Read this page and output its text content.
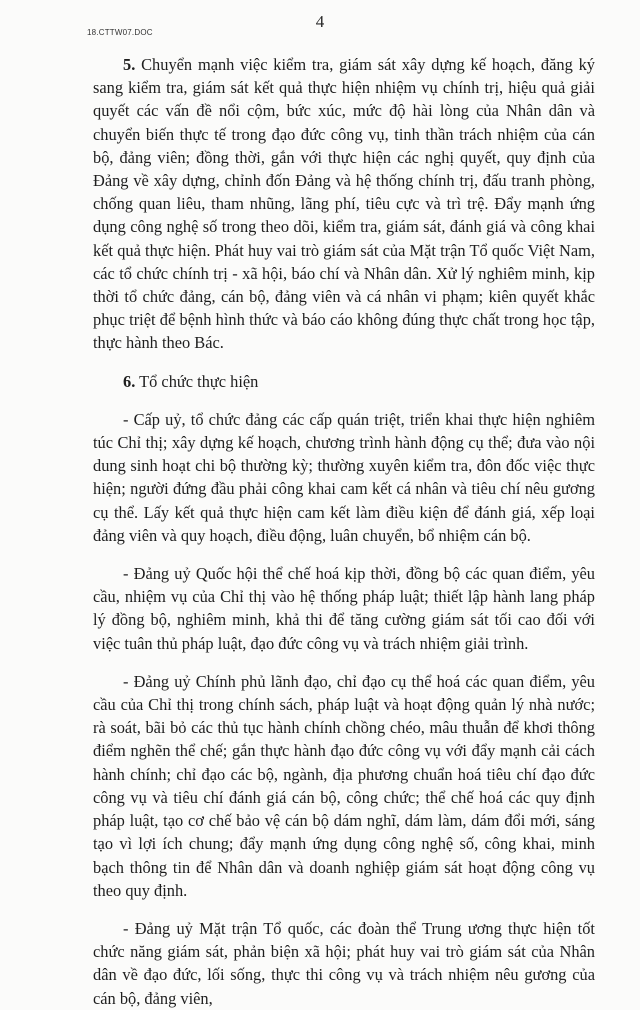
18.CTTW07.DOC
4

5. Chuyển mạnh việc kiểm tra, giám sát xây dựng kế hoạch, đăng ký sang kiểm tra, giám sát kết quả thực hiện nhiệm vụ chính trị, hiệu quả giải quyết các vấn đề nổi cộm, bức xúc, mức độ hài lòng của Nhân dân và chuyển biến thực tế trong đạo đức công vụ, tinh thần trách nhiệm của cán bộ, đảng viên; đồng thời, gắn với thực hiện các nghị quyết, quy định của Đảng về xây dựng, chỉnh đốn Đảng và hệ thống chính trị, đấu tranh phòng, chống quan liêu, tham nhũng, lãng phí, tiêu cực và trì trệ. Đẩy mạnh ứng dụng công nghệ số trong theo dõi, kiểm tra, giám sát, đánh giá và công khai kết quả thực hiện. Phát huy vai trò giám sát của Mặt trận Tổ quốc Việt Nam, các tổ chức chính trị - xã hội, báo chí và Nhân dân. Xử lý nghiêm minh, kịp thời tổ chức đảng, cán bộ, đảng viên và cá nhân vi phạm; kiên quyết khắc phục triệt để bệnh hình thức và báo cáo không đúng thực chất trong học tập, thực hành theo Bác.

6. Tổ chức thực hiện

- Cấp uỷ, tổ chức đảng các cấp quán triệt, triển khai thực hiện nghiêm túc Chỉ thị; xây dựng kế hoạch, chương trình hành động cụ thể; đưa vào nội dung sinh hoạt chi bộ thường kỳ; thường xuyên kiểm tra, đôn đốc việc thực hiện; người đứng đầu phải công khai cam kết cá nhân và tiêu chí nêu gương cụ thể. Lấy kết quả thực hiện cam kết làm điều kiện để đánh giá, xếp loại đảng viên và quy hoạch, điều động, luân chuyển, bổ nhiệm cán bộ.

- Đảng uỷ Quốc hội thể chế hoá kịp thời, đồng bộ các quan điểm, yêu cầu, nhiệm vụ của Chỉ thị vào hệ thống pháp luật; thiết lập hành lang pháp lý đồng bộ, nghiêm minh, khả thi để tăng cường giám sát tối cao đối với việc tuân thủ pháp luật, đạo đức công vụ và trách nhiệm giải trình.

- Đảng uỷ Chính phủ lãnh đạo, chỉ đạo cụ thể hoá các quan điểm, yêu cầu của Chỉ thị trong chính sách, pháp luật và hoạt động quản lý nhà nước; rà soát, bãi bỏ các thủ tục hành chính chồng chéo, mâu thuẫn để khơi thông điểm nghẽn thể chế; gắn thực hành đạo đức công vụ với đẩy mạnh cải cách hành chính; chỉ đạo các bộ, ngành, địa phương chuẩn hoá tiêu chí đạo đức công vụ và tiêu chí đánh giá cán bộ, công chức; thể chế hoá các quy định pháp luật, tạo cơ chế bảo vệ cán bộ dám nghĩ, dám làm, dám đổi mới, sáng tạo vì lợi ích chung; đẩy mạnh ứng dụng công nghệ số, công khai, minh bạch thông tin để Nhân dân và doanh nghiệp giám sát hoạt động công vụ theo quy định.

- Đảng uỷ Mặt trận Tổ quốc, các đoàn thể Trung ương thực hiện tốt chức năng giám sát, phản biện xã hội; phát huy vai trò giám sát của Nhân dân về đạo đức, lối sống, thực thi công vụ và trách nhiệm nêu gương của cán bộ, đảng viên,
